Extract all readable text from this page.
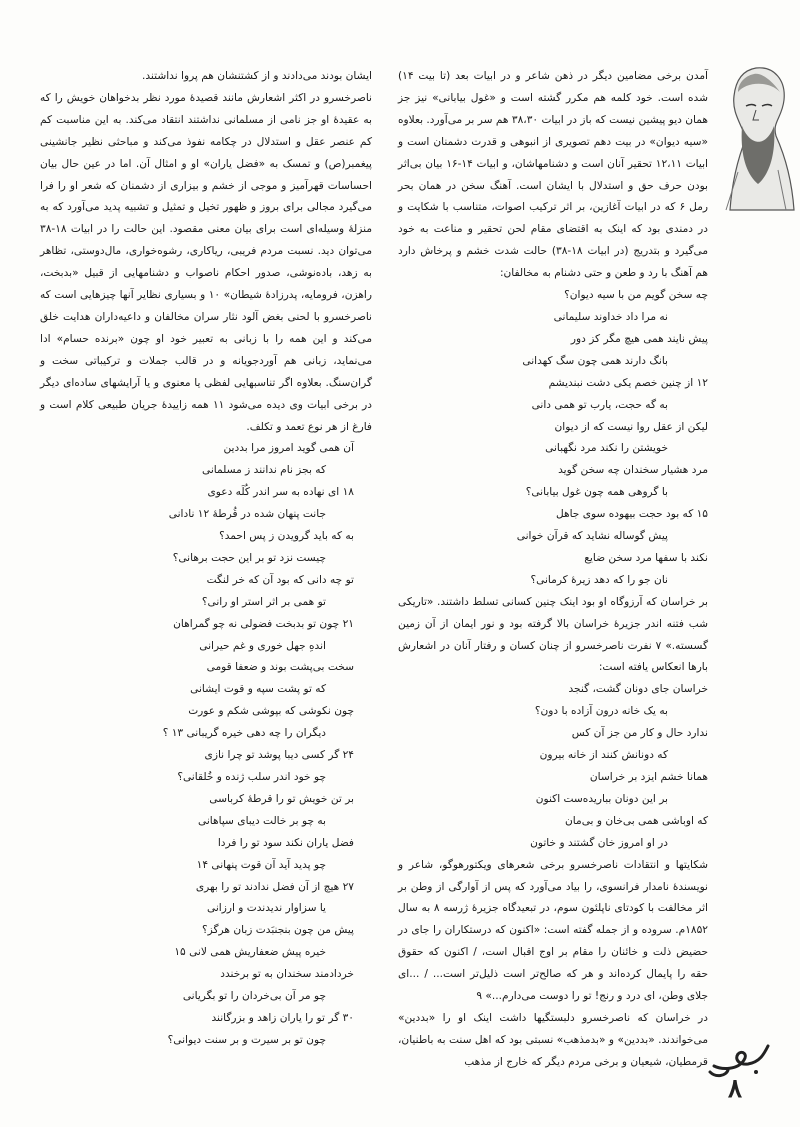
آمدن برخی مضامین دیگر در ذهن شاعر و در ابیات بعد (تا بیت ۱۴) شده است. خود کلمه هم مکرر گشته است و «غول بیابانی» نیز جز همان دیو پیشین نیست که باز در ابیات ۳۸،۳۰ هم سر بر می‌آورد. بعلاوه «سیه دیوان» در بیت دهم تصویری از انبوهی و قدرت دشمنان است و ابیات ۱۲،۱۱ تحقیر آنان است و دشنامهاشان، و ابیات ۱۴-۱۶ بیان بی‌اثر بودن حرف حق و استدلال با ایشان است. آهنگ سخن در همان بحر رمل ۶ که در ابیات آغازین، بر اثر ترکیب اصوات، متناسب با شکایت و در دمندی بود که اینک به اقتضای مقام لحن تحقیر و مناعت به خود می‌گیرد و بتدریج (در ابیات ۱۸-۳۸) حالت شدت خشم و پرخاش دارد هم آهنگ با رد و طعن و حتی دشنام به مخالفان:

چه سخن گویم من با سیه دیوان؟
نه مرا داد خداوند سلیمانی
پیش نایند همی هیچ مگر کز دور
بانگ دارند همی چون سگ کهدانی
۱۲ از چنین خصم یکی دشت نبندیشم
به گه حجت، یارب تو همی دانی
لیکن از عقل روا نیست که از دیوان
خویشتن را نکند مرد نگهبانی
مرد هشیار سخندان چه سخن گوید
با گروهی همه چون غول بیابانی؟
۱۵ که بود حجت بیهوده سوی جاهل
پیش گوساله نشاید که قرآن خوانی
نکند با سفها مرد سخن ضایع
نان جو را که دهد زیرهٔ کرمانی؟

بر خراسان که آرزوگاه او بود اینک چنین کسانی تسلط داشتند. «تاریکی شب فتنه اندر جزیرهٔ خراسان بالا گرفته بود و نور ایمان از آن زمین گسسته.» ۷ نفرت ناصرخسرو از چنان کسان و رفتار آنان در اشعارش بارها انعکاس یافته است:

خراسان جای دونان گشت، گنجد
به یک خانه درون آزاده با دون؟
ندارد حال و کار من جز آن کس
که دونانش کنند از خانه بیرون
همانا خشم ایزد بر خراسان
بر این دونان بباریده‌ست اکنون
که اوباشی همی بی‌خان و بی‌مان
در او امروز خان گشتند و خاتون

شکایتها و انتقادات ناصرخسرو برخی شعرهای ویکتورهوگو، شاعر و نویسندهٔ نامدار فرانسوی، را بیاد می‌آورد که پس از آوارگی از وطن بر اثر مخالفت با کودتای ناپلئون سوم، در تبعیدگاه جزیرهٔ ژرسه ۸ به سال ۱۸۵۲م. سروده و از جمله گفته است: «اکنون که درستکاران را جای در حضیض ذلت و خائنان را مقام بر اوج اقبال است، / اکنون که حقوق حقه را پایمال کرده‌اند و هر که صالح‌تر است ذلیل‌تر است... / ...ای جلای وطن، ای درد و رنج! تو را دوست می‌دارم...» ۹

در خراسان که ناصرخسرو دلبستگیها داشت اینک او را «بددین» می‌خواندند. «بددین» و «بدمذهب» نسبتی بود که اهل سنت به باطنیان، قرمطیان، شیعیان و برخی مردم دیگر که خارج از مذهب

ایشان بودند می‌دادند و از کشتنشان هم پروا نداشتند.

ناصرخسرو در اکثر اشعارش مانند قصیدهٔ مورد نظر بدخواهان خویش را که به عقیدهٔ او جز نامی از مسلمانی نداشتند انتقاد می‌کند. به این مناسبت کم کم عنصر عقل و استدلال در چکامه نفوذ می‌کند و مباحثی نظیر جانشینی پیغمبر(ص) و تمسک به «فضل یاران» او و امثال آن. اما در عین حال بیان احساسات قهرآمیز و موجی از خشم و بیزاری از دشمنان که شعر او را فرا می‌گیرد مجالی برای بروز و ظهور تخیل و تمثیل و تشبیه پدید می‌آورد که به منزلهٔ وسیله‌ای است برای بیان معنی مقصود. این حالت را در ابیات ۱۸-۳۸ می‌توان دید. نسبت مردم فریبی، ریاکاری، رشوه‌خواری، مال‌دوستی، تظاهر به زهد، باده‌نوشی، صدور احکام ناصواب و دشنامهایی از قبیل «بدبخت، راهزن، فرومایه، پدرزادهٔ شیطان» ۱۰ و بسیاری نظایر آنها چیزهایی است که ناصرخسرو با لحنی بغض آلود نثار سران مخالفان و داعیه‌داران هدایت خلق می‌کند و این همه را با زبانی به تعبیر خود او چون «برنده حسام» ادا می‌نماید، زبانی هم آوردجویانه و در قالب جملات و ترکیباتی سخت و گران‌سنگ. بعلاوه اگر تناسبهایی لفظی یا معنوی و یا آرایشهای ساده‌ای دیگر در برخی ابیات وی دیده می‌شود ۱۱ همه زاییدهٔ جریان طبیعی کلام است و فارغ از هر نوع تعمد و تکلف.

آن همی گوید امروز مرا بددین
که بجز نام ندانند ز مسلمانی
۱۸ ای نهاده به سر اندر کُلَه دعوی
جانت پنهان شده در قُرطهٔ ۱۲ نادانی
به که باید گرویدن ز پس احمد؟
چیست نزد تو بر این حجت برهانی؟
تو چه دانی که بود آن که خر لنگت
تو همی بر اثر استر او رانی؟
۲۱ چون تو بدبخت فضولی نه چو گمراهان
اندهِ جهل خوری و غم حیرانی
سخت بی‌پشت بوند و ضعفا قومی
که تو پشت سپه و قوت ایشانی
چون نکوشی که بپوشی شکم و عورت
دیگران را چه دهی خیره گریبانی ۱۳ ؟
۲۴ گر کسی دیبا پوشد تو چرا نازی
چو خود اندر سلب ژنده و خُلقانی؟
بر تن خویش تو را قرطهٔ کرباسی
به چو بر خالت دیبای سپاهانی
فضل یاران نکند سود تو را فردا
چو پدید آید آن قوت پنهانی ۱۴
۲۷ هیچ از آن فضل ندادند تو را بهری
یا سزاوار ندیدندت و ارزانی
پیش من چون بنجنبَدت زبان هرگز؟
خیره پیش ضعفاریش همی لانی ۱۵
خردادمند سخندان به تو برخندد
چو مر آن بی‌خردان را تو بگریانی
۳۰ گر تو را یاران زاهد و بزرگانند
چون تو بر سیرت و بر سنت دیوانی؟
۸
